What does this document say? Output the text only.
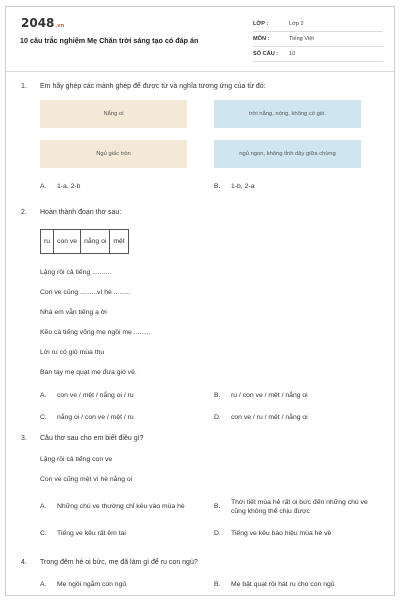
2048.vn
10 câu trắc nghiệm Mẹ Chăn trời sáng tạo có đáp án
LỚP :	Lớp 2
MÔN :	Tiếng Việt
SỐ CÂU : 10
1. Em hãy ghép các mảnh ghép để được từ và nghĩa tương ứng của từ đó:
Nắng oi	trời nắng, nóng, không có gió.
Ngủ giấc tròn	ngủ ngon, không tỉnh dậy giữa chừng
A. 1-a, 2-b	B. 1-b, 2-a
2. Hoàn thành đoạn thơ sau:
ru	con ve	nắng oi	mệt
Lặng rồi cả tiếng ..........
Con ve cũng .........vì hè .........
Nhà em vẫn tiếng ạ ời
Kẽo cà tiếng võng mẹ ngồi mẹ .........
Lời ru có gió mùa thu
Bàn tay mẹ quạt mẹ đưa gió về.
A. con ve / mệt / nắng oi / ru	B. ru / con ve / mệt / nắng oi
C. nắng oi / con ve / mệt / ru	D. con ve / ru / mệt / nắng oi
3. Câu thơ sau cho em biết điều gì?
Lặng rồi cả tiếng con ve
Con ve cũng mệt vì hè nắng oi
A. Những chú ve thường chỉ kêu vào mùa hè	B.
Thời tiết mùa hè rất oi bức đến những chú ve cũng không thể chịu được
C. Tiếng ve kêu rất êm tai	D. Tiếng ve kêu báo hiệu mùa hè về
4. Trong đêm hè oi bức, mẹ đã làm gì để ru con ngủ?
A. Mẹ ngồi ngắm con ngủ	B. Mẹ bật quạt rồi hát ru cho con ngủ
